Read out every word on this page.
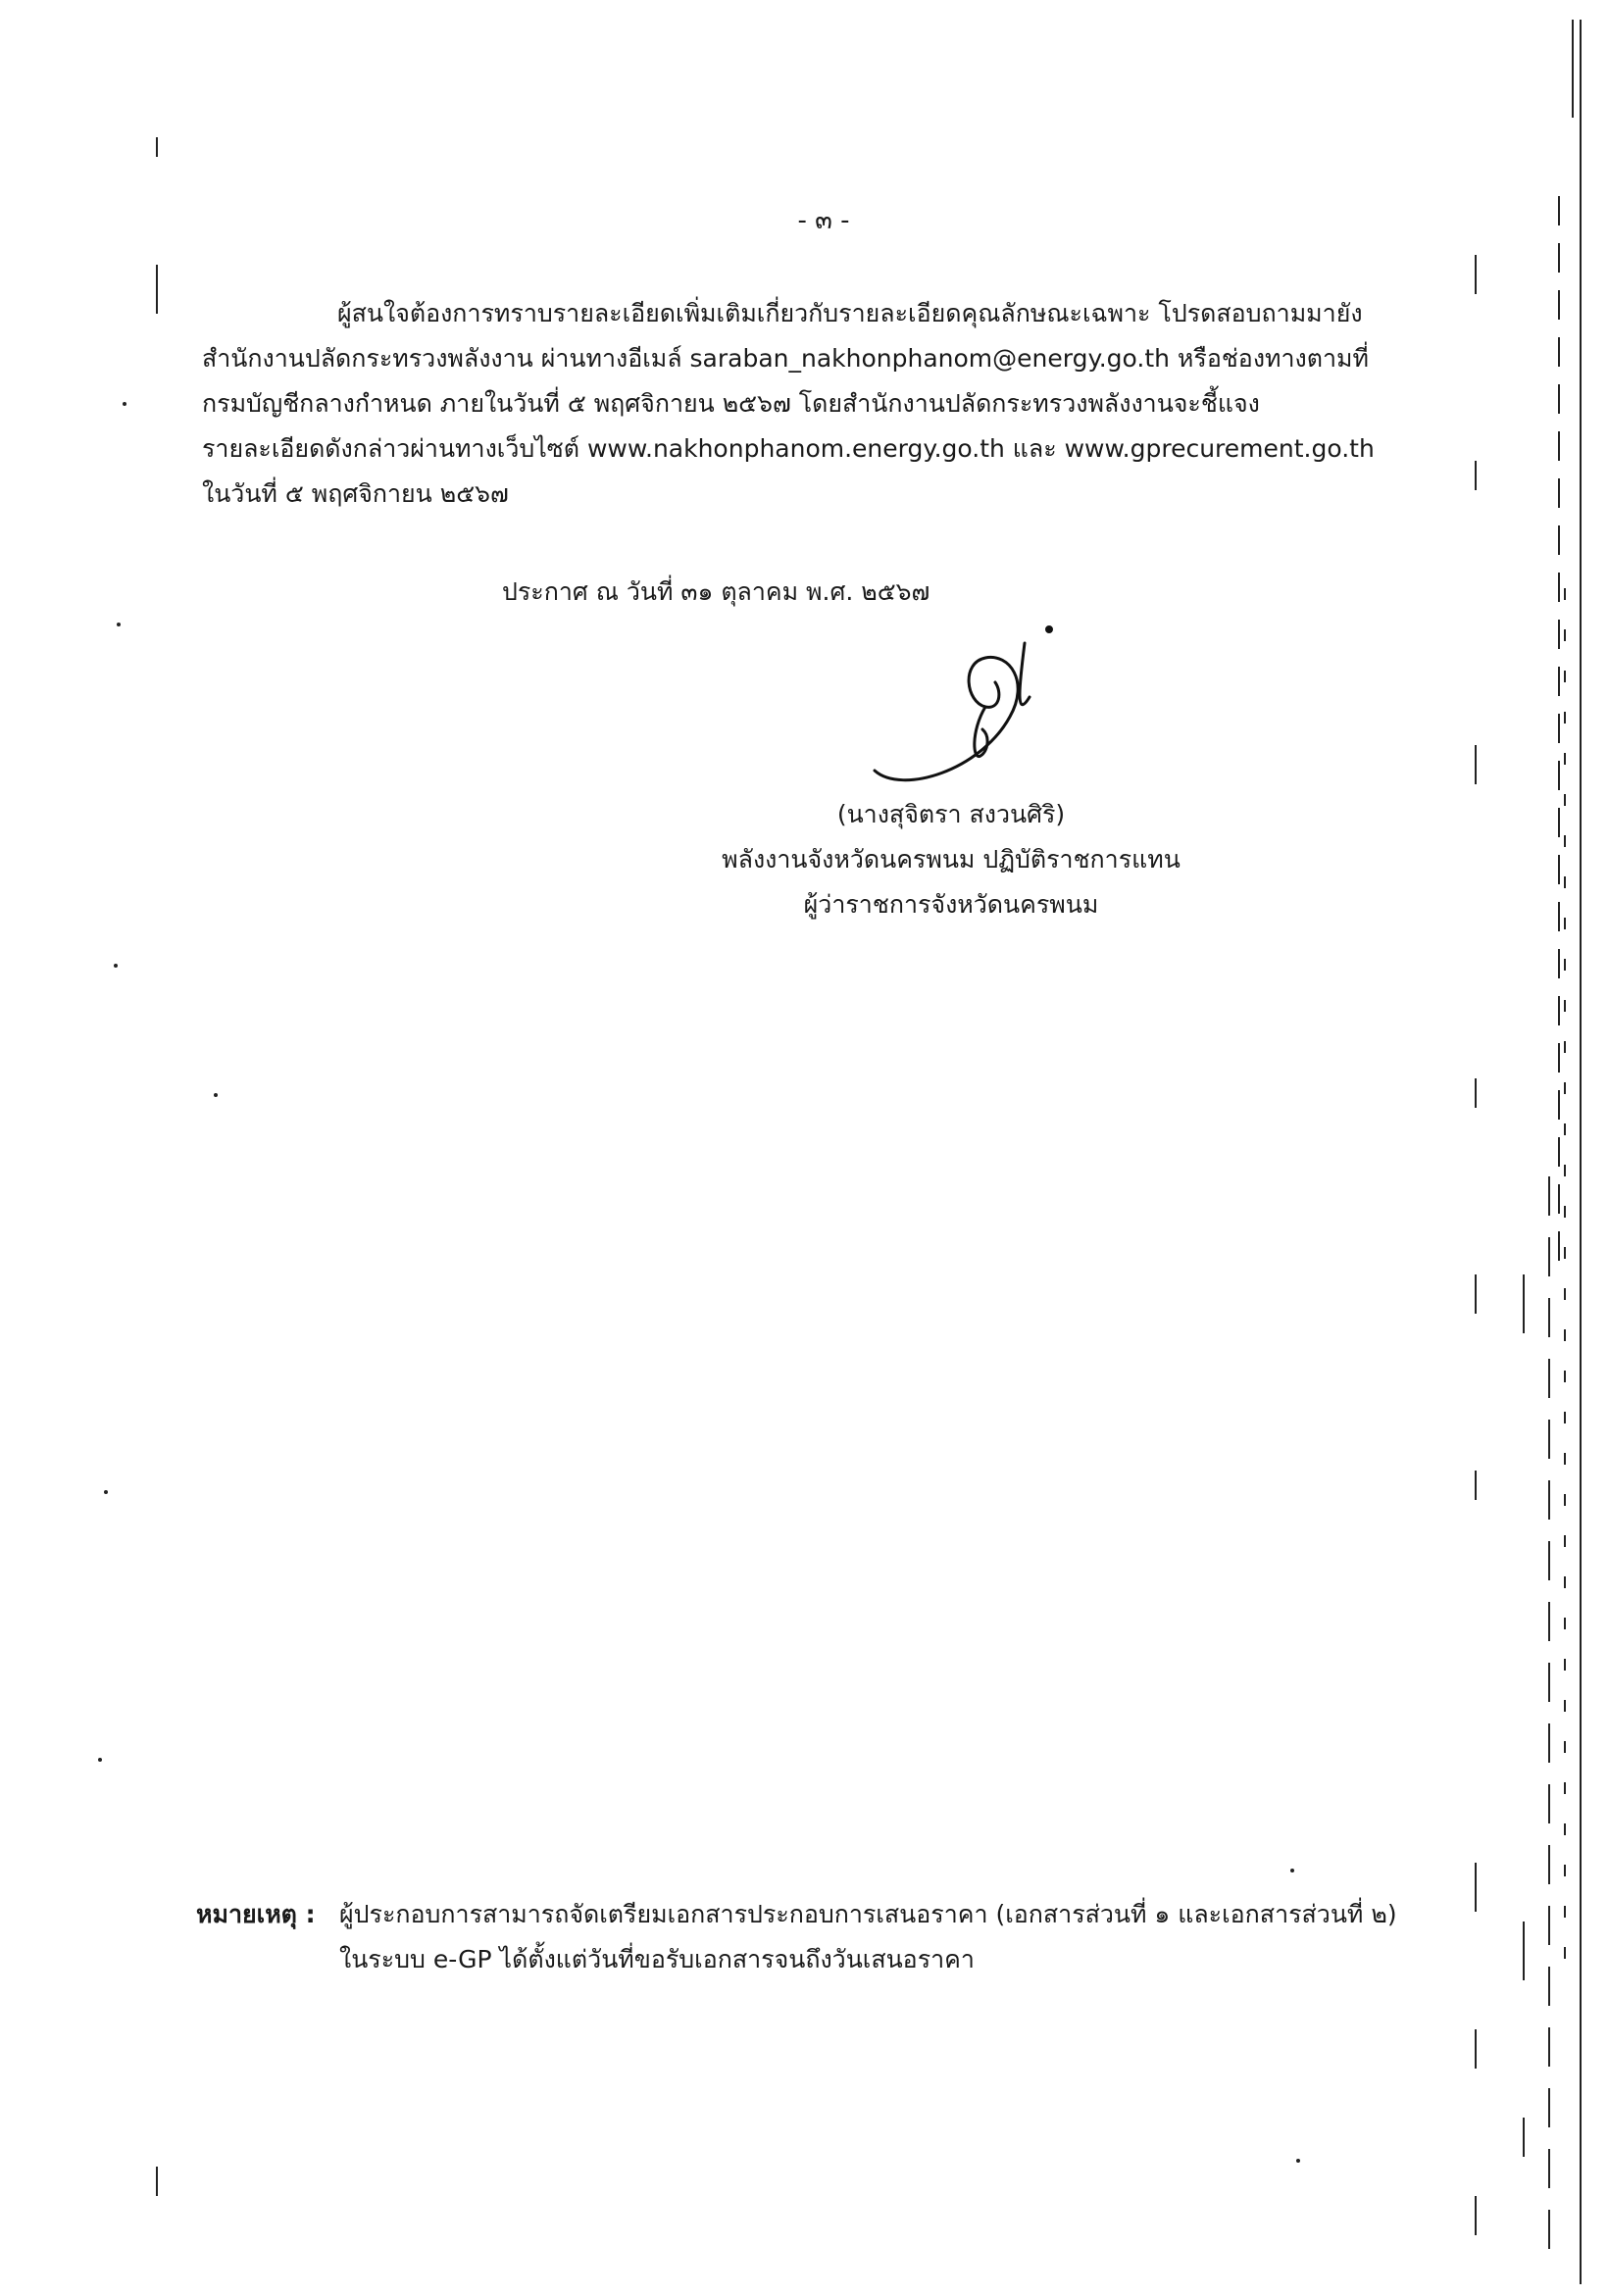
- ๓ -
ผู้สนใจต้องการทราบรายละเอียดเพิ่มเติมเกี่ยวกับรายละเอียดคุณลักษณะเฉพาะ โปรดสอบถามมายัง
สำนักงานปลัดกระทรวงพลังงาน ผ่านทางอีเมล์ saraban_nakhonphanom@energy.go.th หรือช่องทางตามที่
กรมบัญชีกลางกำหนด ภายในวันที่ ๕ พฤศจิกายน ๒๕๖๗ โดยสำนักงานปลัดกระทรวงพลังงานจะชี้แจง
รายละเอียดดังกล่าวผ่านทางเว็บไซต์ www.nakhonphanom.energy.go.th และ www.gprecurement.go.th
ในวันที่ ๕ พฤศจิกายน ๒๕๖๗
ประกาศ ณ วันที่ ๓๑ ตุลาคม พ.ศ. ๒๕๖๗
(นางสุจิตรา สงวนศิริ)
พลังงานจังหวัดนครพนม ปฏิบัติราชการแทน
ผู้ว่าราชการจังหวัดนครพนม
หมายเหตุ : ผู้ประกอบการสามารถจัดเตรียมเอกสารประกอบการเสนอราคา (เอกสารส่วนที่ ๑ และเอกสารส่วนที่ ๒)
ในระบบ e-GP ได้ตั้งแต่วันที่ขอรับเอกสารจนถึงวันเสนอราคา
